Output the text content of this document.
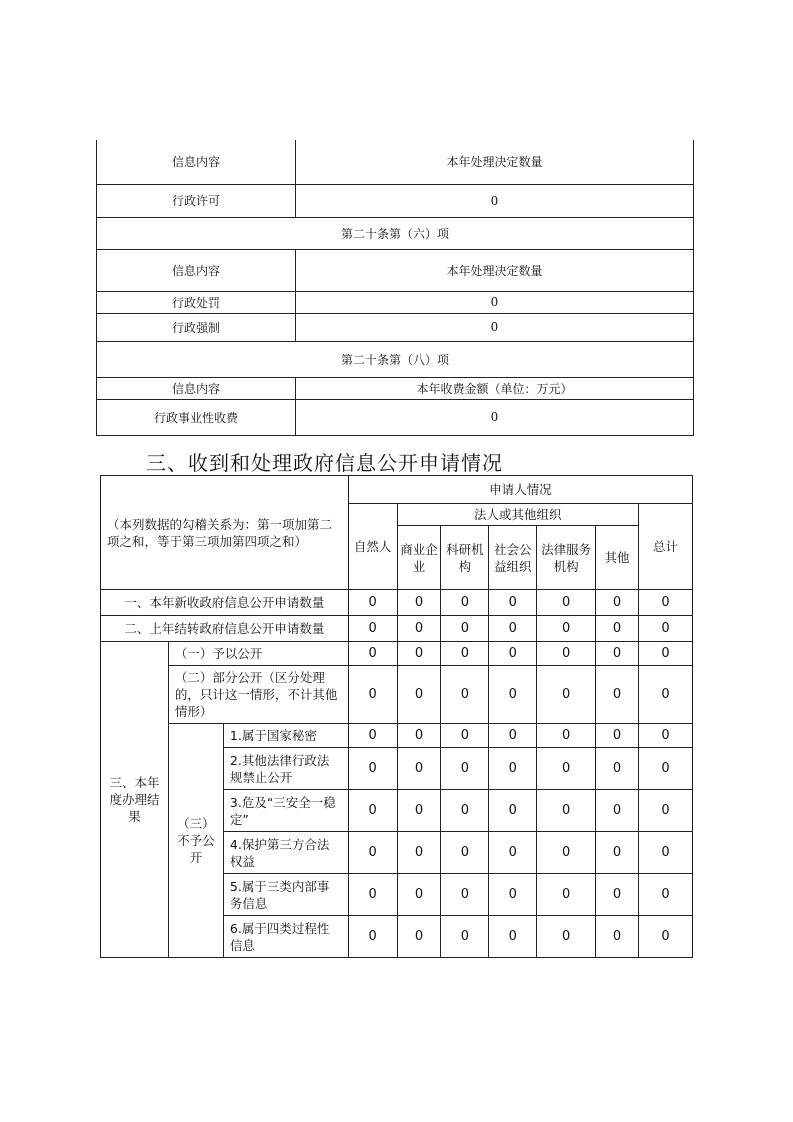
信息内容	本年处理决定数量
行政许可	0
第二十条第（六）项	
信息内容	本年处理决定数量
行政处罚	0
行政强制	0
第二十条第（八）项	
信息内容	本年收费金额（单位：万元）
行政事业性收费	0
三、收到和处理政府信息公开申请情况
（本列数据的勾稽关系为：第一项加第二项之和，等于第三项加第四项之和）			申请人情况						
			自然人	法人或其他组织					总计
				商业企业	科研机构	社会公益组织	法律服务机构	其他	
一、本年新收政府信息公开申请数量			0	0	0	0	0	0	0
二、上年结转政府信息公开申请数量			0	0	0	0	0	0	0
三、本年度办理结果	（一）予以公开		0	0	0	0	0	0	0
	（二）部分公开（区分处理的，只计这一情形，不计其他情形）		0	0	0	0	0	0	0
	（三）不予公开	1.属于国家秘密	0	0	0	0	0	0	0
		2.其他法律行政法规禁止公开	0	0	0	0	0	0	0
		3.危及“三安全一稳定”	0	0	0	0	0	0	0
		4.保护第三方合法权益	0	0	0	0	0	0	0
		5.属于三类内部事务信息	0	0	0	0	0	0	0
		6.属于四类过程性信息	0	0	0	0	0	0	0
